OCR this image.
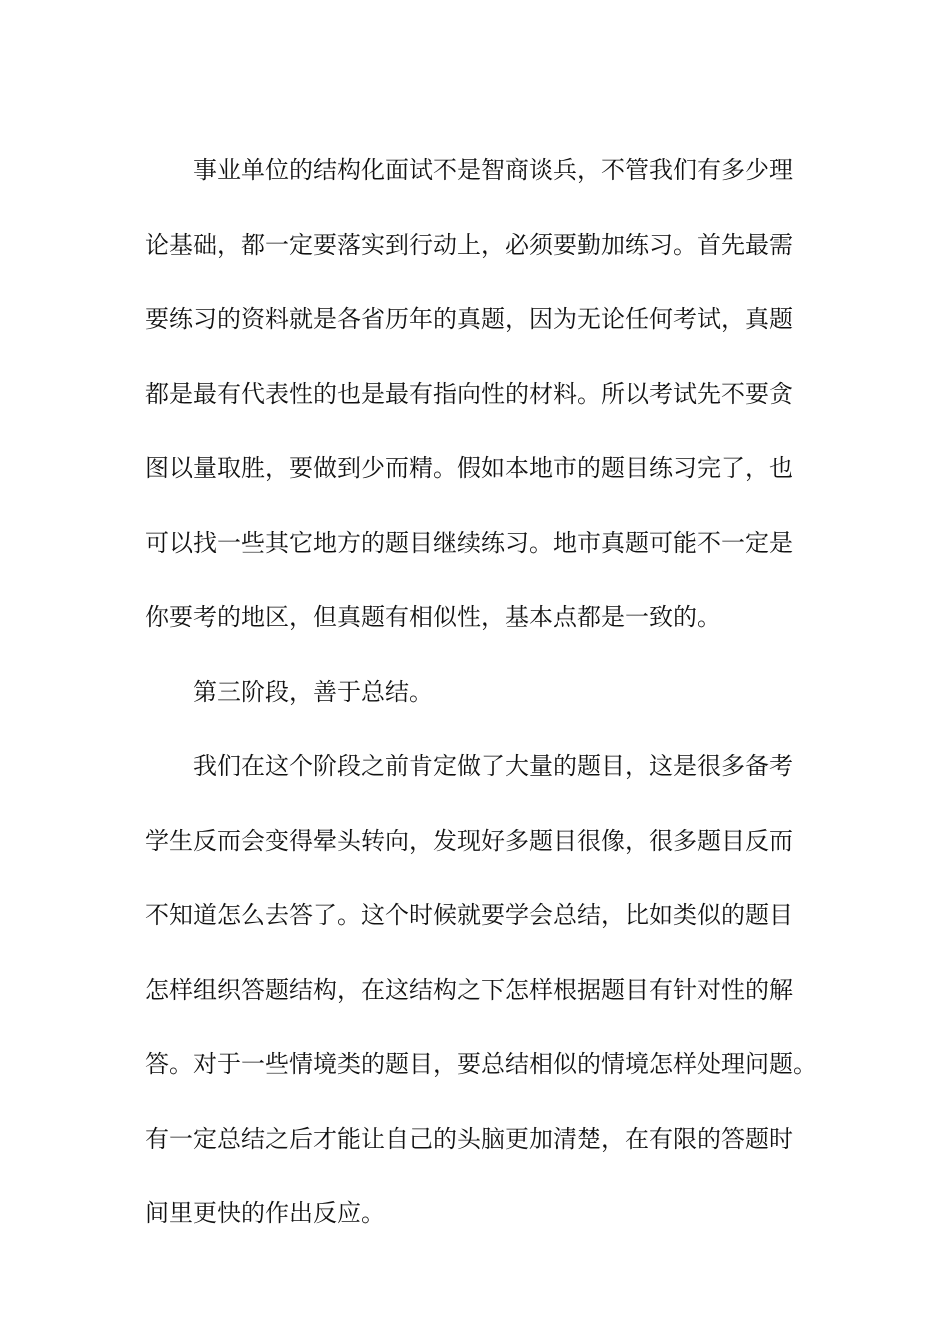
事业单位的结构化面试不是智商谈兵，不管我们有多少理
论基础，都一定要落实到行动上，必须要勤加练习。首先最需
要练习的资料就是各省历年的真题，因为无论任何考试，真题
都是最有代表性的也是最有指向性的材料。所以考试先不要贪
图以量取胜，要做到少而精。假如本地市的题目练习完了，也
可以找一些其它地方的题目继续练习。地市真题可能不一定是
你要考的地区，但真题有相似性，基本点都是一致的。
第三阶段，善于总结。
我们在这个阶段之前肯定做了大量的题目，这是很多备考
学生反而会变得晕头转向，发现好多题目很像，很多题目反而
不知道怎么去答了。这个时候就要学会总结，比如类似的题目
怎样组织答题结构，在这结构之下怎样根据题目有针对性的解
答。对于一些情境类的题目，要总结相似的情境怎样处理问题。
有一定总结之后才能让自己的头脑更加清楚，在有限的答题时
间里更快的作出反应。
